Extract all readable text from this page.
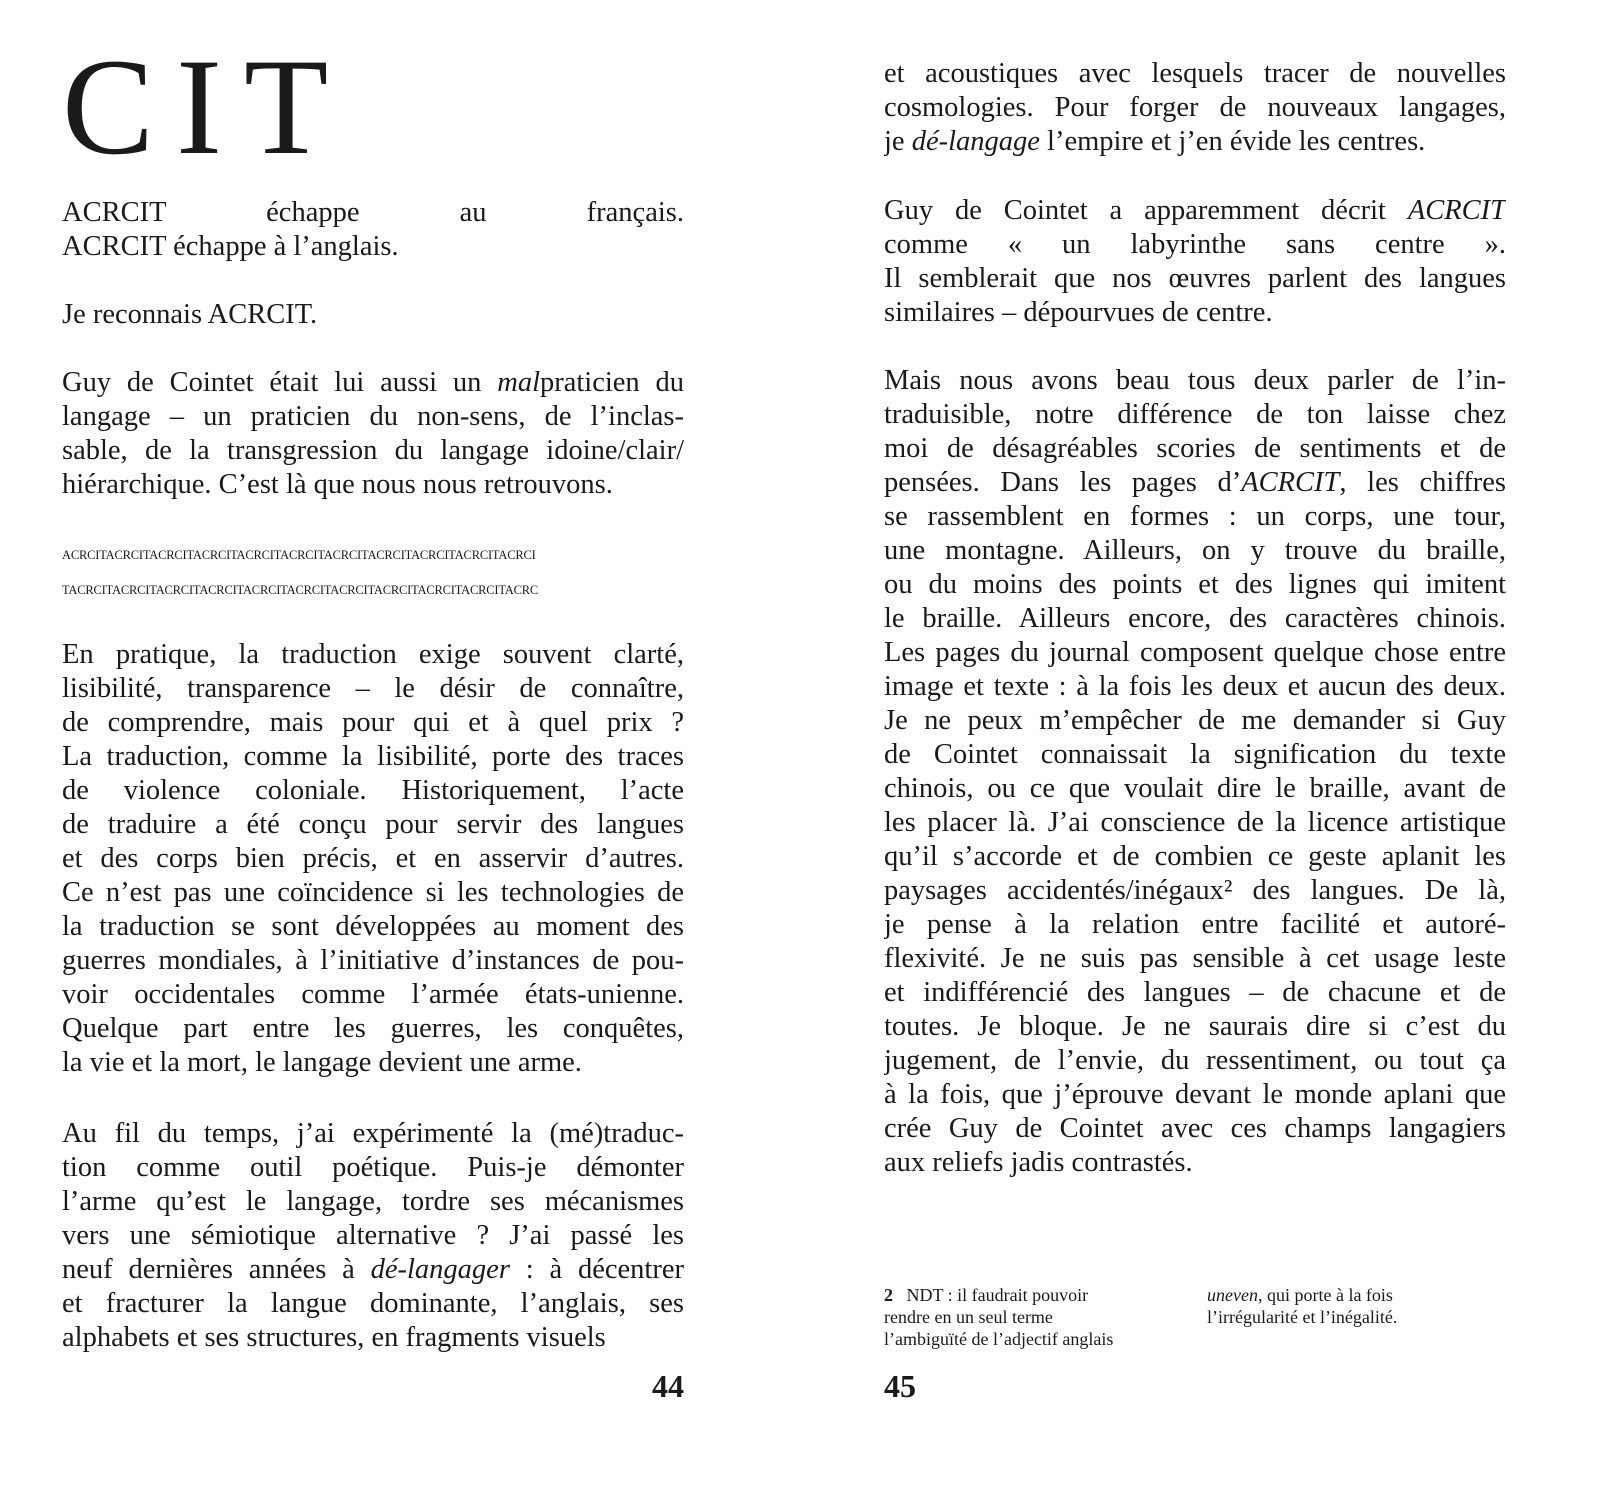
CIT
ACRCIT échappe au français.
ACRCIT échappe à l’anglais.
Je reconnais ACRCIT.
Guy de Cointet était lui aussi un malpraticien du
langage – un praticien du non-sens, de l’inclas-
sable, de la transgression du langage idoine/clair/
hiérarchique. C’est là que nous nous retrouvons.
ACRCITACRCITACRCITACRCITACRCITACRCITACRCITACRCITACRCITACRCITACRCI
TACRCITACRCITACRCITACRCITACRCITACRCITACRCITACRCITACRCITACRCITACRC
En pratique, la traduction exige souvent clarté,
lisibilité, transparence – le désir de connaître,
de comprendre, mais pour qui et à quel prix ?
La traduction, comme la lisibilité, porte des traces
de violence coloniale. Historiquement, l’acte
de traduire a été conçu pour servir des langues
et des corps bien précis, et en asservir d’autres.
Ce n’est pas une coïncidence si les technologies de
la traduction se sont développées au moment des
guerres mondiales, à l’initiative d’instances de pou-
voir occidentales comme l’armée états-unienne.
Quelque part entre les guerres, les conquêtes,
la vie et la mort, le langage devient une arme.
Au fil du temps, j’ai expérimenté la (mé)traduc-
tion comme outil poétique. Puis-je démonter
l’arme qu’est le langage, tordre ses mécanismes
vers une sémiotique alternative ? J’ai passé les
neuf dernières années à dé-langager : à décentrer
et fracturer la langue dominante, l’anglais, ses
alphabets et ses structures, en fragments visuels
44
et acoustiques avec lesquels tracer de nouvelles
cosmologies. Pour forger de nouveaux langages,
je dé-langage l’empire et j’en évide les centres.
Guy de Cointet a apparemment décrit ACRCIT
comme « un labyrinthe sans centre ».
Il semblerait que nos œuvres parlent des langues
similaires – dépourvues de centre.
Mais nous avons beau tous deux parler de l’in-
traduisible, notre différence de ton laisse chez
moi de désagréables scories de sentiments et de
pensées. Dans les pages d’ACRCIT, les chiffres
se rassemblent en formes : un corps, une tour,
une montagne. Ailleurs, on y trouve du braille,
ou du moins des points et des lignes qui imitent
le braille. Ailleurs encore, des caractères chinois.
Les pages du journal composent quelque chose entre
image et texte : à la fois les deux et aucun des deux.
Je ne peux m’empêcher de me demander si Guy
de Cointet connaissait la signification du texte
chinois, ou ce que voulait dire le braille, avant de
les placer là. J’ai conscience de la licence artistique
qu’il s’accorde et de combien ce geste aplanit les
paysages accidentés/inégaux² des langues. De là,
je pense à la relation entre facilité et autoré-
flexivité. Je ne suis pas sensible à cet usage leste
et indifférencié des langues – de chacune et de
toutes. Je bloque. Je ne saurais dire si c’est du
jugement, de l’envie, du ressentiment, ou tout ça
à la fois, que j’éprouve devant le monde aplani que
crée Guy de Cointet avec ces champs langagiers
aux reliefs jadis contrastés.
2 NDT : il faudrait pouvoir
rendre en un seul terme
l’ambiguïté de l’adjectif anglais
uneven, qui porte à la fois
l’irrégularité et l’inégalité.
45
